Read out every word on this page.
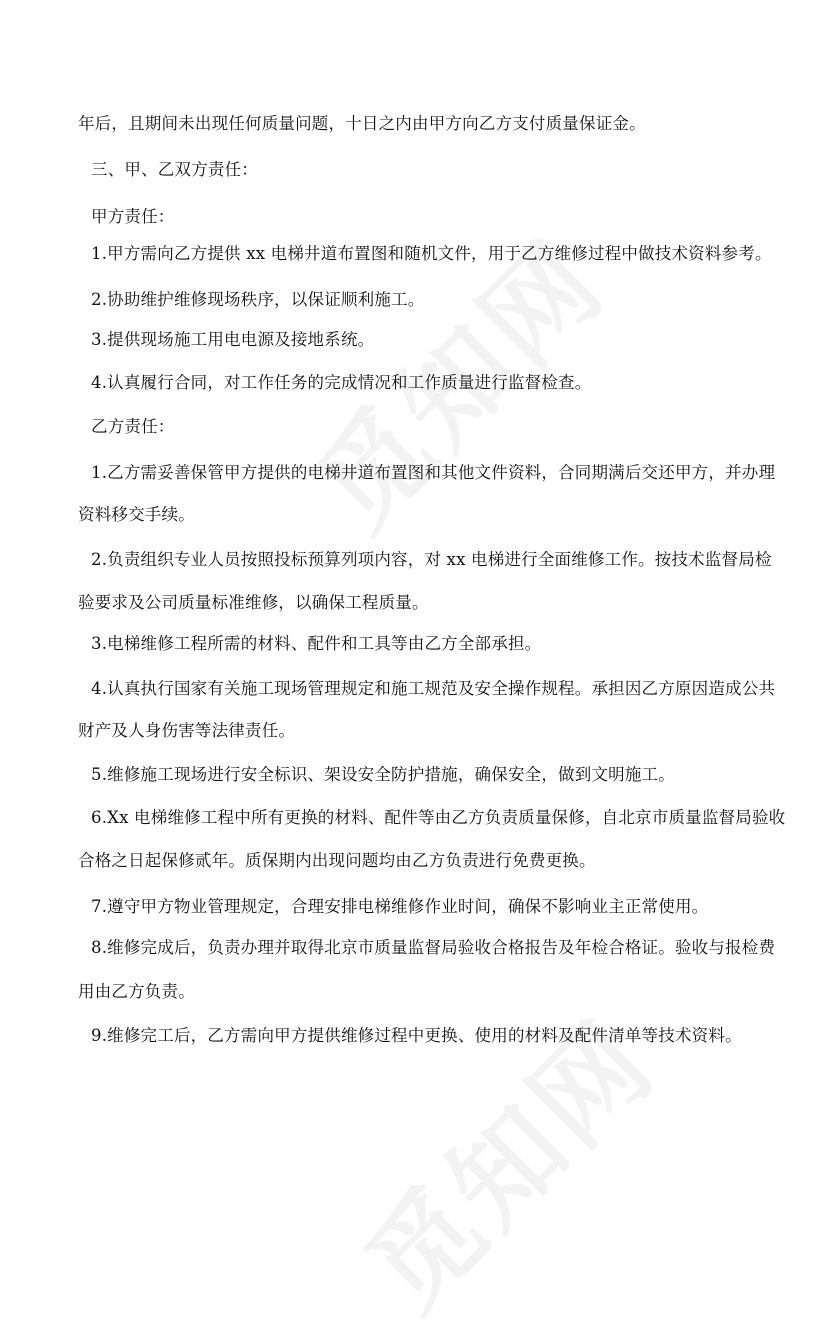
年后，且期间未出现任何质量问题，十日之内由甲方向乙方支付质量保证金。
三、甲、乙双方责任：
甲方责任：
1.甲方需向乙方提供 xx 电梯井道布置图和随机文件，用于乙方维修过程中做技术资料参考。
2.协助维护维修现场秩序，以保证顺利施工。
3.提供现场施工用电电源及接地系统。
4.认真履行合同，对工作任务的完成情况和工作质量进行监督检查。
乙方责任：
1.乙方需妥善保管甲方提供的电梯井道布置图和其他文件资料，合同期满后交还甲方，并办理
资料移交手续。
2.负责组织专业人员按照投标预算列项内容，对 xx 电梯进行全面维修工作。按技术监督局检
验要求及公司质量标准维修，以确保工程质量。
3.电梯维修工程所需的材料、配件和工具等由乙方全部承担。
4.认真执行国家有关施工现场管理规定和施工规范及安全操作规程。承担因乙方原因造成公共
财产及人身伤害等法律责任。
5.维修施工现场进行安全标识、架设安全防护措施，确保安全，做到文明施工。
6.Xx 电梯维修工程中所有更换的材料、配件等由乙方负责质量保修，自北京市质量监督局验收
合格之日起保修贰年。质保期内出现问题均由乙方负责进行免费更换。
7.遵守甲方物业管理规定，合理安排电梯维修作业时间，确保不影响业主正常使用。
8.维修完成后，负责办理并取得北京市质量监督局验收合格报告及年检合格证。验收与报检费
用由乙方负责。
9.维修完工后，乙方需向甲方提供维修过程中更换、使用的材料及配件清单等技术资料。
